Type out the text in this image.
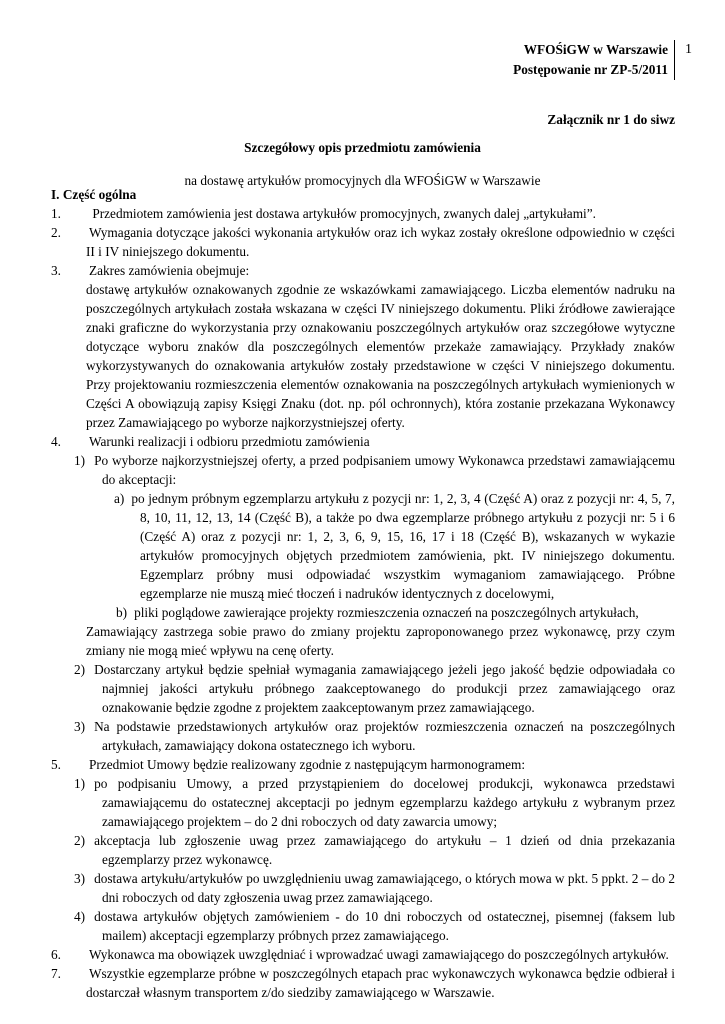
WFOŚiGW w Warszawie
Postępowanie nr ZP-5/2011
1
Załącznik nr 1 do siwz
Szczegółowy opis przedmiotu zamówienia
na dostawę artykułów promocyjnych dla WFOŚiGW w Warszawie

I. Część ogólna

1. Przedmiotem zamówienia jest dostawa artykułów promocyjnych, zwanych dalej „artykułami”.

2. Wymagania dotyczące jakości wykonania artykułów oraz ich wykaz zostały określone odpowiednio w części II i IV niniejszego dokumentu.

3. Zakres zamówienia obejmuje:

dostawę artykułów oznakowanych zgodnie ze wskazówkami zamawiającego. Liczba elementów nadruku na poszczególnych artykułach została wskazana w części IV niniejszego dokumentu. Pliki źródłowe zawierające znaki graficzne do wykorzystania przy oznakowaniu poszczególnych artykułów oraz szczegółowe wytyczne dotyczące wyboru znaków dla poszczególnych elementów przekaże zamawiający. Przykłady znaków wykorzystywanych do oznakowania artykułów zostały przedstawione w części V niniejszego dokumentu. Przy projektowaniu rozmieszczenia elementów oznakowania na poszczególnych artykułach wymienionych w Części A obowiązują zapisy Księgi Znaku (dot. np. pól ochronnych), która zostanie przekazana Wykonawcy przez Zamawiającego po wyborze najkorzystniejszej oferty.

4. Warunki realizacji i odbioru przedmiotu zamówienia

1) Po wyborze najkorzystniejszej oferty, a przed podpisaniem umowy Wykonawca przedstawi zamawiającemu do akceptacji:

a) po jednym próbnym egzemplarzu artykułu z pozycji nr: 1, 2, 3, 4 (Część A) oraz z pozycji nr: 4, 5, 7, 8, 10, 11, 12, 13, 14 (Część B), a także po dwa egzemplarze próbnego artykułu z pozycji nr: 5 i 6 (Część A) oraz z pozycji nr: 1, 2, 3, 6, 9, 15, 16, 17 i 18 (Część B), wskazanych w wykazie artykułów promocyjnych objętych przedmiotem zamówienia, pkt. IV niniejszego dokumentu. Egzemplarz próbny musi odpowiadać wszystkim wymaganiom zamawiającego. Próbne egzemplarze nie muszą mieć tłoczeń i nadruków identycznych z docelowymi,

b) pliki poglądowe zawierające projekty rozmieszczenia oznaczeń na poszczególnych artykułach,

Zamawiający zastrzega sobie prawo do zmiany projektu zaproponowanego przez wykonawcę, przy czym zmiany nie mogą mieć wpływu na cenę oferty.

2) Dostarczany artykuł będzie spełniał wymagania zamawiającego jeżeli jego jakość będzie odpowiadała co najmniej jakości artykułu próbnego zaakceptowanego do produkcji przez zamawiającego oraz oznakowanie będzie zgodne z projektem zaakceptowanym przez zamawiającego.

3) Na podstawie przedstawionych artykułów oraz projektów rozmieszczenia oznaczeń na poszczególnych artykułach, zamawiający dokona ostatecznego ich wyboru.

5. Przedmiot Umowy będzie realizowany zgodnie z następującym harmonogramem:

1) po podpisaniu Umowy, a przed przystąpieniem do docelowej produkcji, wykonawca przedstawi zamawiającemu do ostatecznej akceptacji po jednym egzemplarzu każdego artykułu z wybranym przez zamawiającego projektem – do 2 dni roboczych od daty zawarcia umowy;

2) akceptacja lub zgłoszenie uwag przez zamawiającego do artykułu – 1 dzień od dnia przekazania egzemplarzy przez wykonawcę.

3) dostawa artykułu/artykułów po uwzględnieniu uwag zamawiającego, o których mowa w pkt. 5 ppkt. 2 – do 2 dni roboczych od daty zgłoszenia uwag przez zamawiającego.

4) dostawa artykułów objętych zamówieniem - do 10 dni roboczych od ostatecznej, pisemnej (faksem lub mailem) akceptacji egzemplarzy próbnych przez zamawiającego.

6. Wykonawca ma obowiązek uwzględniać i wprowadzać uwagi zamawiającego do poszczególnych artykułów.

7. Wszystkie egzemplarze próbne w poszczególnych etapach prac wykonawczych wykonawca będzie odbierał i dostarczał własnym transportem z/do siedziby zamawiającego w Warszawie.
